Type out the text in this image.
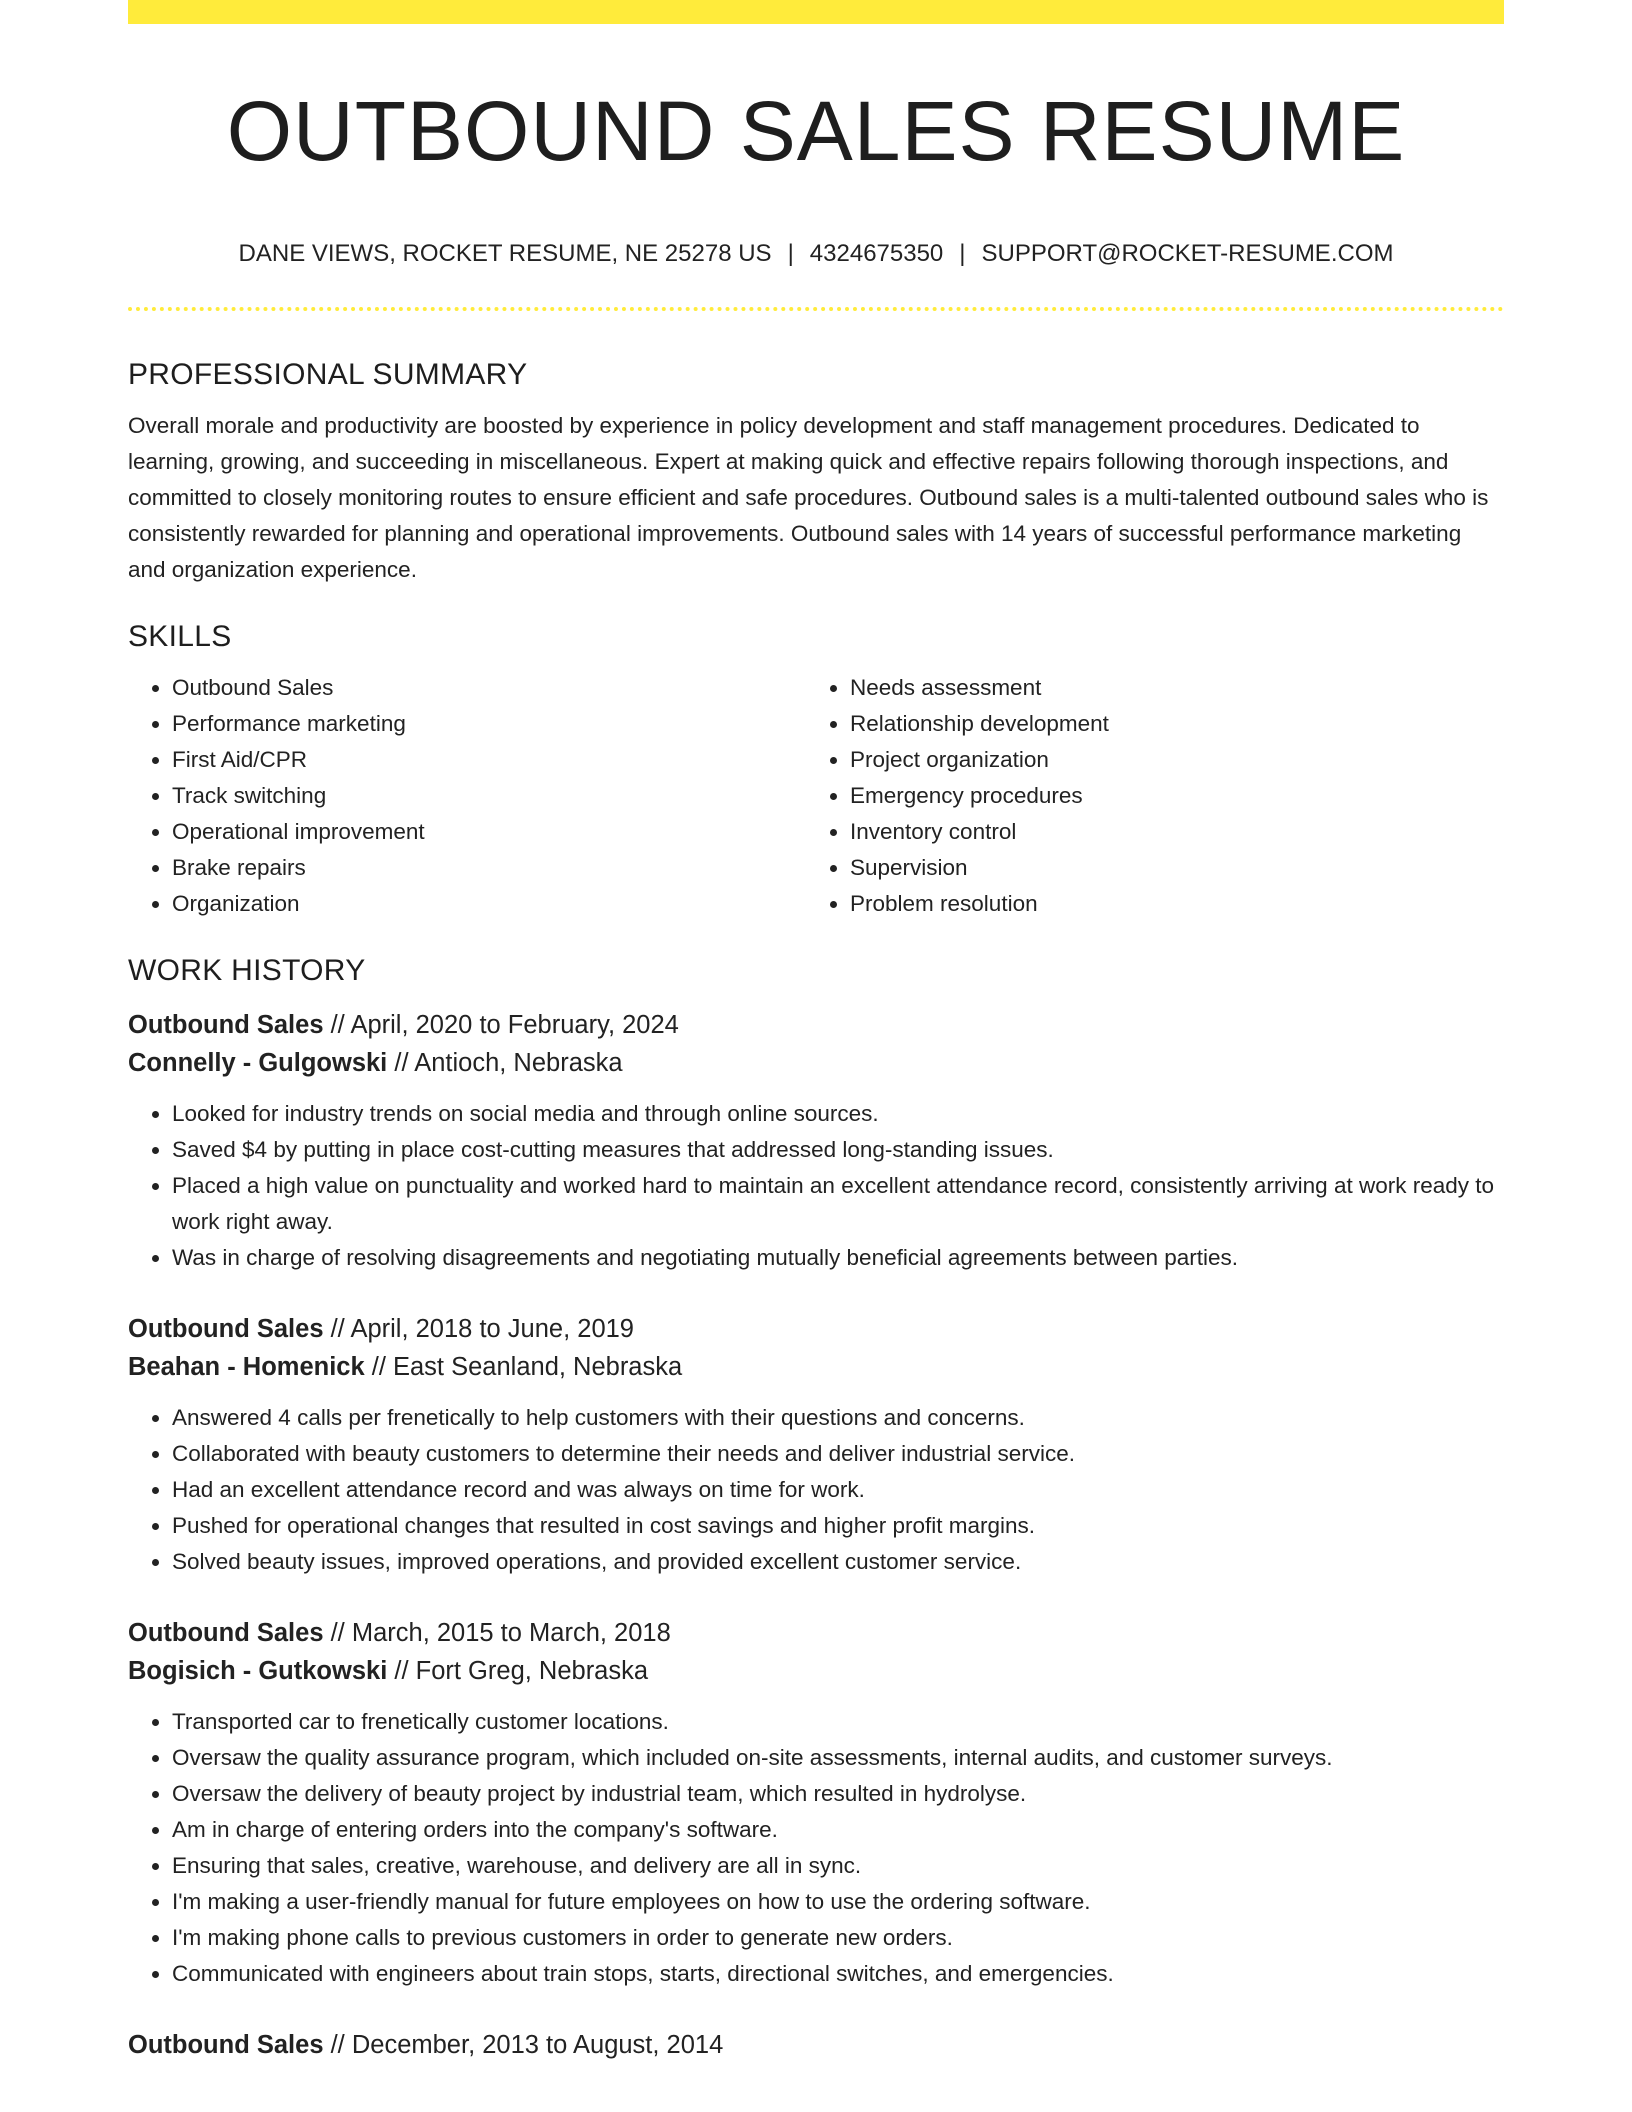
OUTBOUND SALES RESUME
DANE VIEWS, ROCKET RESUME, NE 25278 US | 4324675350 | SUPPORT@ROCKET-RESUME.COM
PROFESSIONAL SUMMARY

Overall morale and productivity are boosted by experience in policy development and staff management procedures. Dedicated to learning, growing, and succeeding in miscellaneous. Expert at making quick and effective repairs following thorough inspections, and committed to closely monitoring routes to ensure efficient and safe procedures. Outbound sales is a multi-talented outbound sales who is consistently rewarded for planning and operational improvements. Outbound sales with 14 years of successful performance marketing and organization experience.

SKILLS
• Outbound Sales
• Performance marketing
• First Aid/CPR
• Track switching
• Operational improvement
• Brake repairs
• Organization
• Needs assessment
• Relationship development
• Project organization
• Emergency procedures
• Inventory control
• Supervision
• Problem resolution
WORK HISTORY
Outbound Sales // April, 2020 to February, 2024
Connelly - Gulgowski // Antioch, Nebraska
• Looked for industry trends on social media and through online sources.
• Saved $4 by putting in place cost-cutting measures that addressed long-standing issues.
• Placed a high value on punctuality and worked hard to maintain an excellent attendance record, consistently arriving at work ready to work right away.
• Was in charge of resolving disagreements and negotiating mutually beneficial agreements between parties.
Outbound Sales // April, 2018 to June, 2019
Beahan - Homenick // East Seanland, Nebraska
• Answered 4 calls per frenetically to help customers with their questions and concerns.
• Collaborated with beauty customers to determine their needs and deliver industrial service.
• Had an excellent attendance record and was always on time for work.
• Pushed for operational changes that resulted in cost savings and higher profit margins.
• Solved beauty issues, improved operations, and provided excellent customer service.
Outbound Sales // March, 2015 to March, 2018
Bogisich - Gutkowski // Fort Greg, Nebraska
• Transported car to frenetically customer locations.
• Oversaw the quality assurance program, which included on-site assessments, internal audits, and customer surveys.
• Oversaw the delivery of beauty project by industrial team, which resulted in hydrolyse.
• Am in charge of entering orders into the company's software.
• Ensuring that sales, creative, warehouse, and delivery are all in sync.
• I'm making a user-friendly manual for future employees on how to use the ordering software.
• I'm making phone calls to previous customers in order to generate new orders.
• Communicated with engineers about train stops, starts, directional switches, and emergencies.
Outbound Sales // December, 2013 to August, 2014
